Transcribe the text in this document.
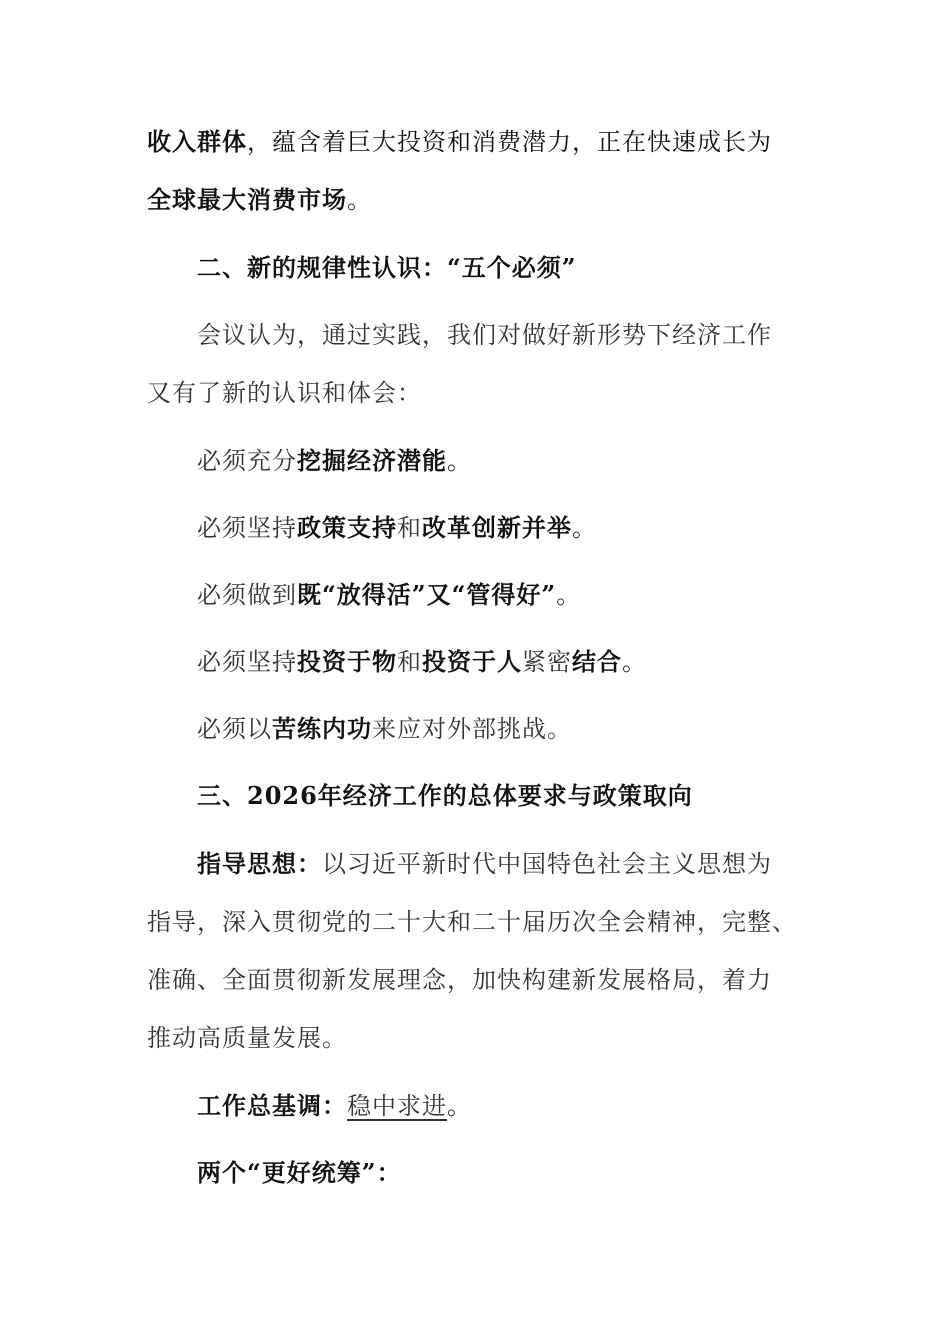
收入群体，蕴含着巨大投资和消费潜力，正在快速成长为
全球最大消费市场。
二、新的规律性认识：“五个必须”
会议认为，通过实践，我们对做好新形势下经济工作
又有了新的认识和体会：
必须充分挖掘经济潜能。
必须坚持政策支持和改革创新并举。
必须做到既“放得活”又“管得好”。
必须坚持投资于物和投资于人紧密结合。
必须以苦练内功来应对外部挑战。
三、2026年经济工作的总体要求与政策取向
指导思想：以习近平新时代中国特色社会主义思想为
指导，深入贯彻党的二十大和二十届历次全会精神，完整、
准确、全面贯彻新发展理念，加快构建新发展格局，着力
推动高质量发展。
工作总基调：稳中求进。
两个“更好统筹”：
